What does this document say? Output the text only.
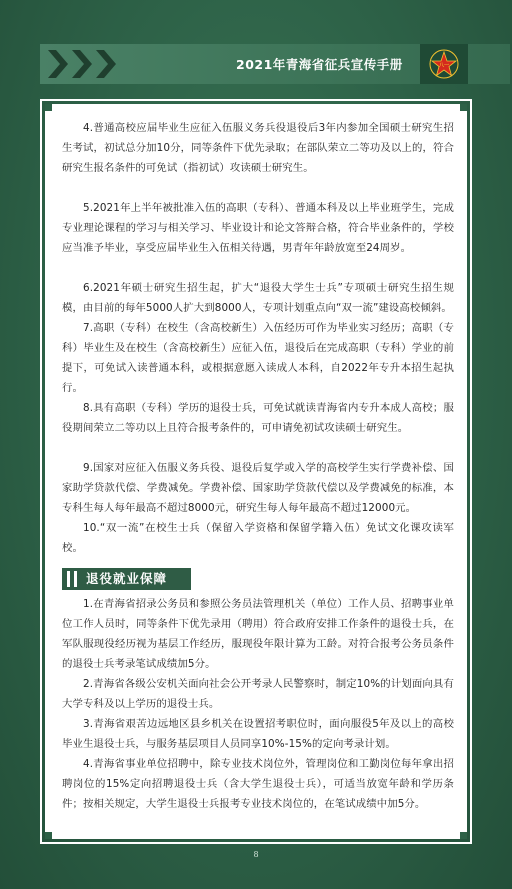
2021年青海省征兵宣传手册	八一

4.普通高校应届毕业生应征入伍服义务兵役退役后3年内参加全国硕士研究生招生考试，初试总分加10分，同等条件下优先录取；在部队荣立二等功及以上的，符合研究生报名条件的可免试（指初试）攻读硕士研究生。

5.2021年上半年被批准入伍的高职（专科）、普通本科及以上毕业班学生，完成专业理论课程的学习与相关学习、毕业设计和论文答辩合格，符合毕业条件的，学校应当准予毕业，享受应届毕业生入伍相关待遇，男青年年龄放宽至24周岁。

6.2021年硕士研究生招生起，扩大“退役大学生士兵”专项硕士研究生招生规模，由目前的每年5000人扩大到8000人，专项计划重点向“双一流”建设高校倾斜。

7.高职（专科）在校生（含高校新生）入伍经历可作为毕业实习经历；高职（专科）毕业生及在校生（含高校新生）应征入伍，退役后在完成高职（专科）学业的前提下，可免试入读普通本科，或根据意愿入读成人本科，自2022年专升本招生起执行。

8.具有高职（专科）学历的退役士兵，可免试就读青海省内专升本成人高校；服役期间荣立二等功以上且符合报考条件的，可申请免初试攻读硕士研究生。

9.国家对应征入伍服义务兵役、退役后复学或入学的高校学生实行学费补偿、国家助学贷款代偿、学费减免。学费补偿、国家助学贷款代偿以及学费减免的标准，本专科生每人每年最高不超过8000元，研究生每人每年最高不超过12000元。

10.“双一流”在校生士兵（保留入学资格和保留学籍入伍）免试文化课攻读军校。

退役就业保障

1.在青海省招录公务员和参照公务员法管理机关（单位）工作人员、招聘事业单位工作人员时，同等条件下优先录用（聘用）符合政府安排工作条件的退役士兵，在军队服现役经历视为基层工作经历，服现役年限计算为工龄。对符合报考公务员条件的退役士兵考录笔试成绩加5分。

2.青海省各级公安机关面向社会公开考录人民警察时，制定10%的计划面向具有大学专科及以上学历的退役士兵。

3.青海省艰苦边远地区县乡机关在设置招考职位时，面向服役5年及以上的高校毕业生退役士兵，与服务基层项目人员同享10%-15%的定向考录计划。

4.青海省事业单位招聘中，除专业技术岗位外，管理岗位和工勤岗位每年拿出招聘岗位的15%定向招聘退役士兵（含大学生退役士兵），可适当放宽年龄和学历条件；按相关规定，大学生退役士兵报考专业技术岗位的，在笔试成绩中加5分。

8
